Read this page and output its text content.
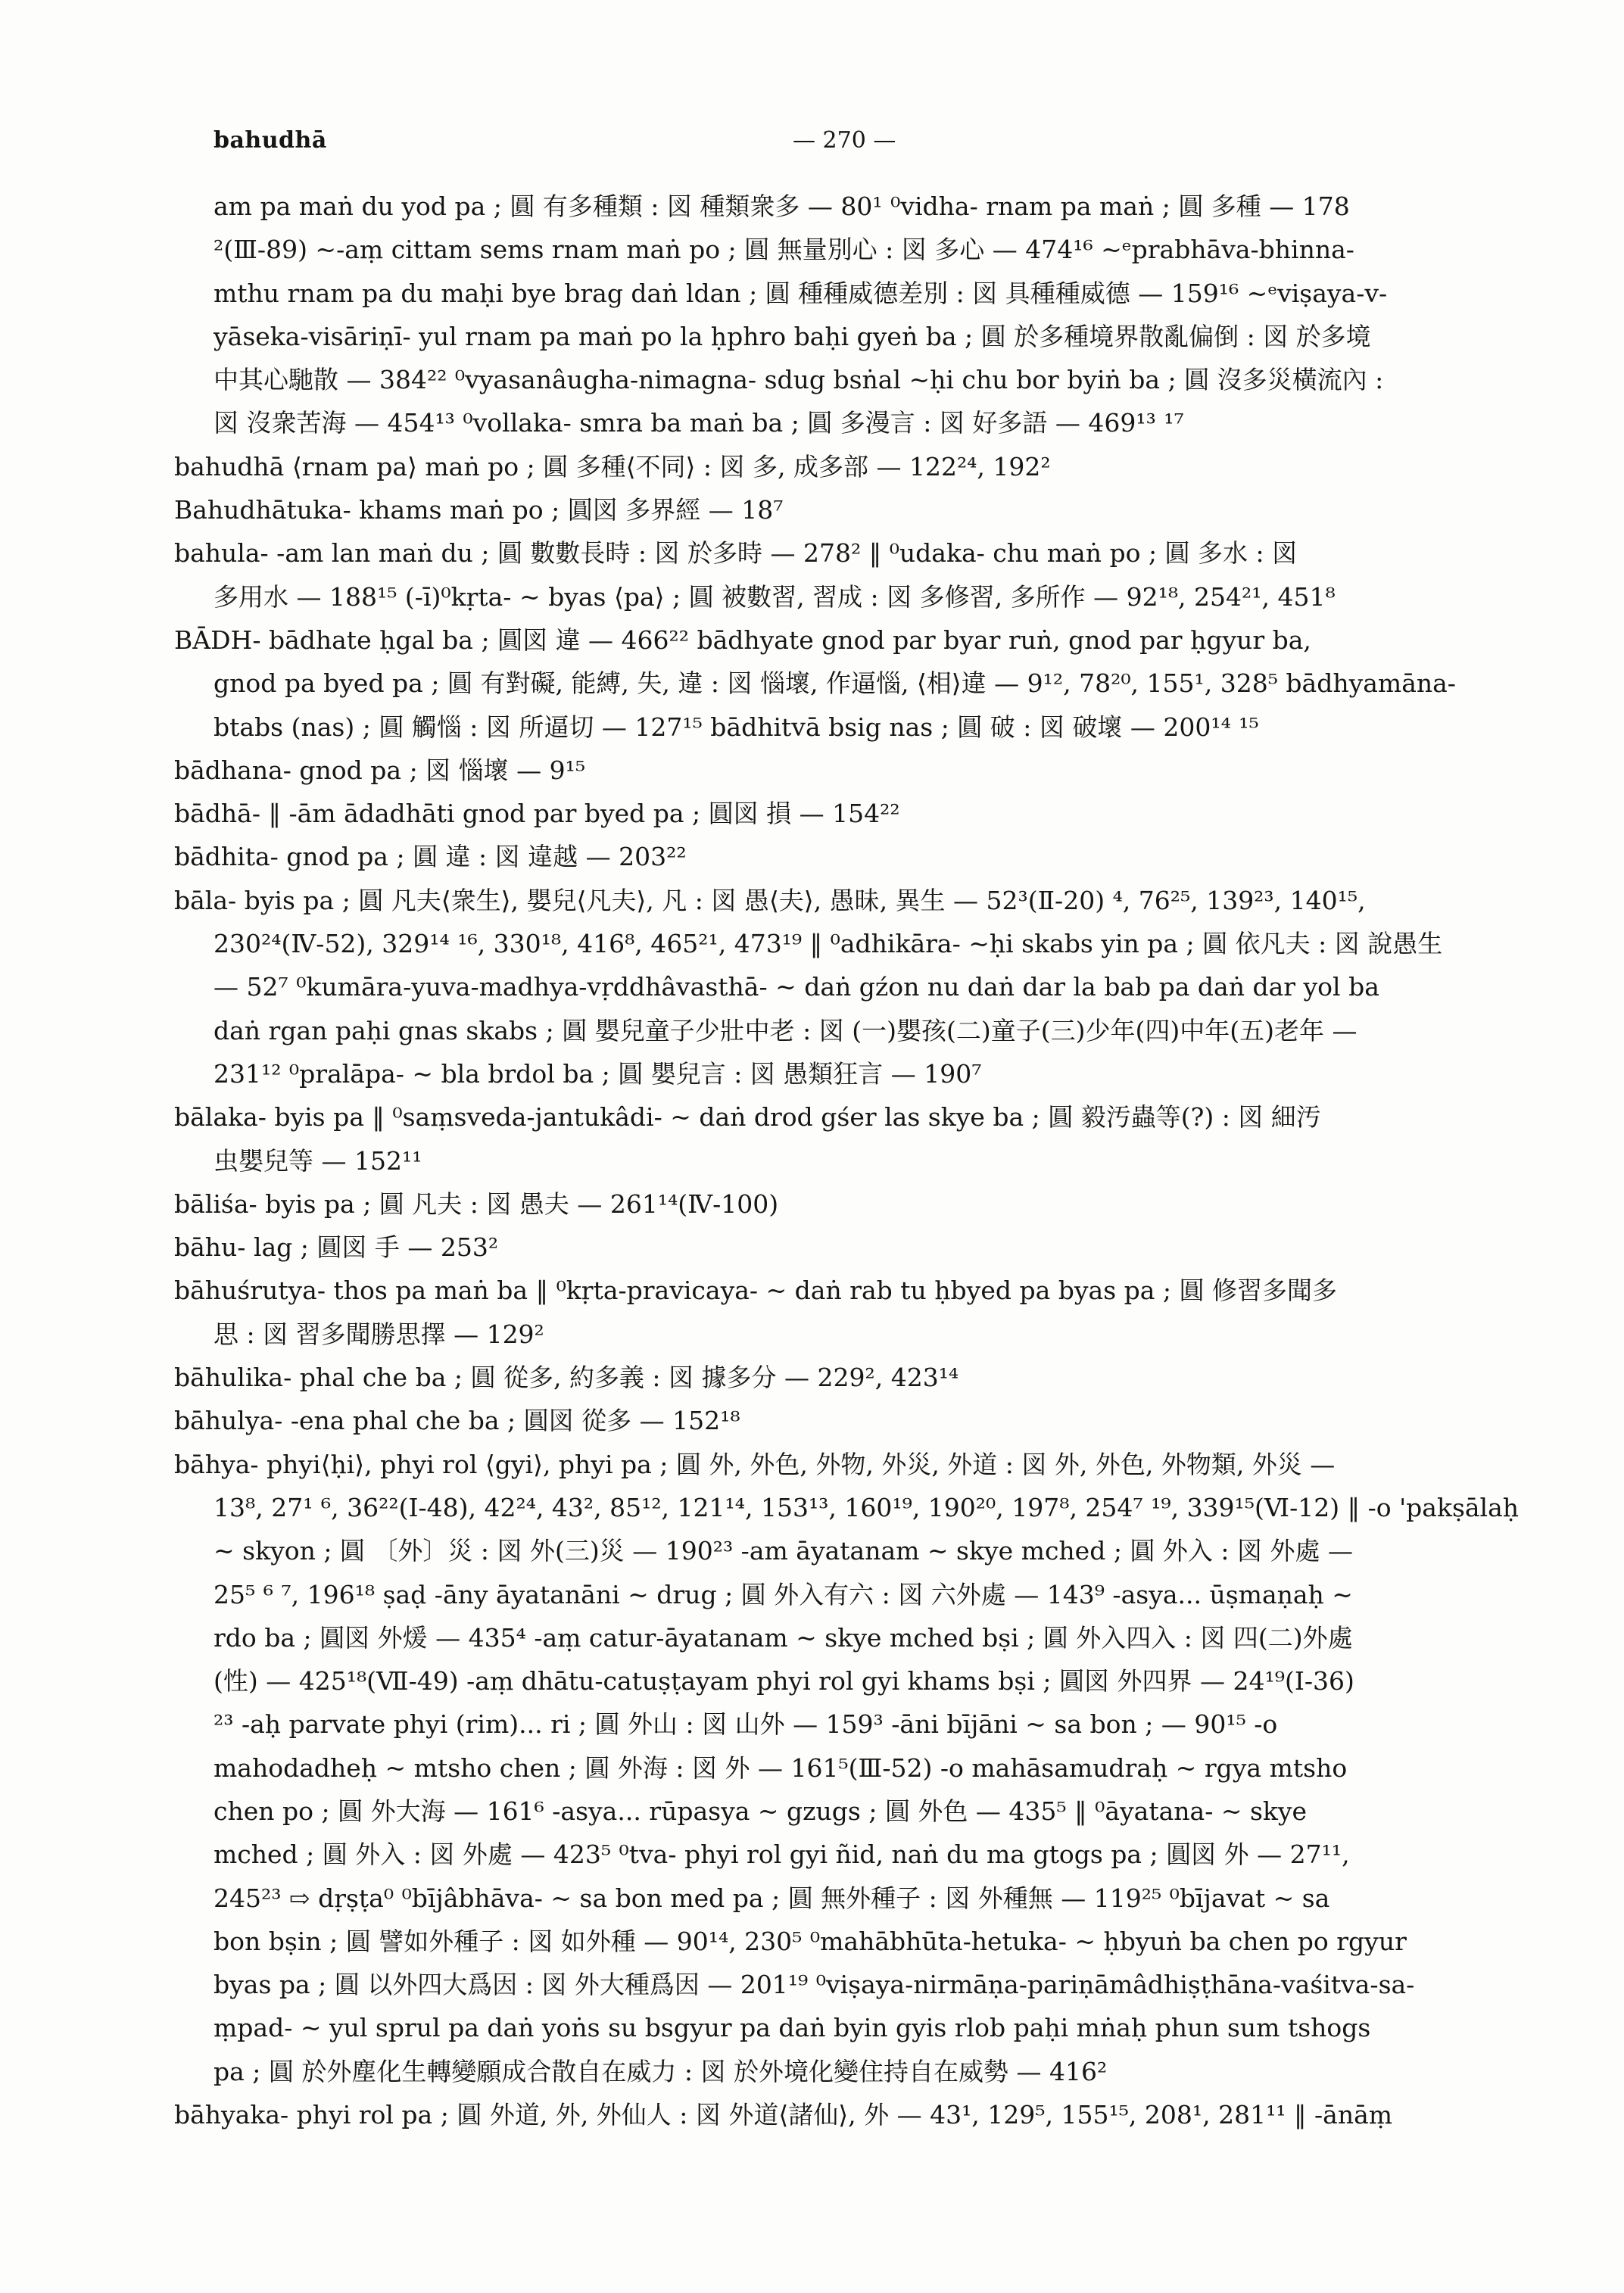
bahudhā	— 270 —
am pa maṅ du yod pa ; 圓 有多種類 : 図 種類衆多 — 80¹ ⁰vidha- rnam pa maṅ ; 圓 多種 — 178
²(Ⅲ-89) ~-aṃ cittam sems rnam maṅ po ; 圓 無量別心 : 図 多心 — 474¹⁶ ~ᵉprabhāva-bhinna-
mthu rnam pa du maḥi bye brag daṅ ldan ; 圓 種種威德差別 : 図 具種種威德 — 159¹⁶ ~ᵉviṣaya-v-
yāseka-visāriṇī- yul rnam pa maṅ po la ḥphro baḥi gyeṅ ba ; 圓 於多種境界散亂偏倒 : 図 於多境
中其心馳散 — 384²² ⁰vyasanâugha-nimagna- sdug bsṅal ~ḥi chu bor byiṅ ba ; 圓 沒多災橫流內 :
図 沒衆苦海 — 454¹³ ⁰vollaka- smra ba maṅ ba ; 圓 多漫言 : 図 好多語 — 469¹³ ¹⁷
bahudhā ⟨rnam pa⟩ maṅ po ; 圓 多種⟨不同⟩ : 図 多, 成多部 — 122²⁴, 192²
Bahudhātuka- khams maṅ po ; 圓図 多界經 — 18⁷
bahula- -am lan maṅ du ; 圓 數數長時 : 図 於多時 — 278² ‖ ⁰udaka- chu maṅ po ; 圓 多水 : 図
多用水 — 188¹⁵ (-ī)⁰kṛta- ~ byas ⟨pa⟩ ; 圓 被數習, 習成 : 図 多修習, 多所作 — 92¹⁸, 254²¹, 451⁸
BĀDH- bādhate ḥgal ba ; 圓図 違 — 466²² bādhyate gnod par byar ruṅ, gnod par ḥgyur ba,
gnod pa byed pa ; 圓 有對礙, 能縛, 失, 違 : 図 惱壞, 作逼惱, ⟨相⟩違 — 9¹², 78²⁰, 155¹, 328⁵ bādhyamāna-
btabs (nas) ; 圓 觸惱 : 図 所逼切 — 127¹⁵ bādhitvā bsig nas ; 圓 破 : 図 破壞 — 200¹⁴ ¹⁵
bādhana- gnod pa ; 図 惱壞 — 9¹⁵
bādhā- ‖ -ām ādadhāti gnod par byed pa ; 圓図 損 — 154²²
bādhita- gnod pa ; 圓 違 : 図 違越 — 203²²
bāla- byis pa ; 圓 凡夫⟨衆生⟩, 嬰兒⟨凡夫⟩, 凡 : 図 愚⟨夫⟩, 愚昧, 異生 — 52³(Ⅱ-20) ⁴, 76²⁵, 139²³, 140¹⁵,
230²⁴(Ⅳ-52), 329¹⁴ ¹⁶, 330¹⁸, 416⁸, 465²¹, 473¹⁹ ‖ ⁰adhikāra- ~ḥi skabs yin pa ; 圓 依凡夫 : 図 說愚生
— 52⁷ ⁰kumāra-yuva-madhya-vṛddhâvasthā- ~ daṅ gźon nu daṅ dar la bab pa daṅ dar yol ba
daṅ rgan paḥi gnas skabs ; 圓 嬰兒童子少壯中老 : 図 (一)嬰孩(二)童子(三)少年(四)中年(五)老年 —
231¹² ⁰pralāpa- ~ bla brdol ba ; 圓 嬰兒言 : 図 愚類狂言 — 190⁷
bālaka- byis pa ‖ ⁰saṃsveda-jantukâdi- ~ daṅ drod gśer las skye ba ; 圓 毅汚蟲等(?) : 図 細汚
虫嬰兒等 — 152¹¹
bāliśa- byis pa ; 圓 凡夫 : 図 愚夫 — 261¹⁴(Ⅳ-100)
bāhu- lag ; 圓図 手 — 253²
bāhuśrutya- thos pa maṅ ba ‖ ⁰kṛta-pravicaya- ~ daṅ rab tu ḥbyed pa byas pa ; 圓 修習多聞多
思 : 図 習多聞勝思擇 — 129²
bāhulika- phal che ba ; 圓 從多, 約多義 : 図 據多分 — 229², 423¹⁴
bāhulya- -ena phal che ba ; 圓図 從多 — 152¹⁸
bāhya- phyi⟨ḥi⟩, phyi rol ⟨gyi⟩, phyi pa ; 圓 外, 外色, 外物, 外災, 外道 : 図 外, 外色, 外物類, 外災 —
13⁸, 27¹ ⁶, 36²²(Ⅰ-48), 42²⁴, 43², 85¹², 121¹⁴, 153¹³, 160¹⁹, 190²⁰, 197⁸, 254⁷ ¹⁹, 339¹⁵(Ⅵ-12) ‖ -o 'pakṣālaḥ
~ skyon ; 圓 〔外〕災 : 図 外(三)災 — 190²³ -am āyatanam ~ skye mched ; 圓 外入 : 図 外處 —
25⁵ ⁶ ⁷, 196¹⁸ ṣaḍ -āny āyatanāni ~ drug ; 圓 外入有六 : 図 六外處 — 143⁹ -asya... ūṣmaṇaḥ ~
rdo ba ; 圓図 外煖 — 435⁴ -aṃ catur-āyatanam ~ skye mched bṣi ; 圓 外入四入 : 図 四(二)外處
(性) — 425¹⁸(Ⅶ-49) -aṃ dhātu-catuṣṭayam phyi rol gyi khams bṣi ; 圓図 外四界 — 24¹⁹(Ⅰ-36)
²³ -aḥ parvate phyi (rim)... ri ; 圓 外山 : 図 山外 — 159³ -āni bījāni ~ sa bon ; — 90¹⁵ -o
mahodadheḥ ~ mtsho chen ; 圓 外海 : 図 外 — 161⁵(Ⅲ-52) -o mahāsamudraḥ ~ rgya mtsho
chen po ; 圓 外大海 — 161⁶ -asya... rūpasya ~ gzugs ; 圓 外色 — 435⁵ ‖ ⁰āyatana- ~ skye
mched ; 圓 外入 : 図 外處 — 423⁵ ⁰tva- phyi rol gyi ñid, naṅ du ma gtogs pa ; 圓図 外 — 27¹¹,
245²³ ⇨ dṛṣṭa⁰ ⁰bījâbhāva- ~ sa bon med pa ; 圓 無外種子 : 図 外種無 — 119²⁵ ⁰bījavat ~ sa
bon bṣin ; 圓 譬如外種子 : 図 如外種 — 90¹⁴, 230⁵ ⁰mahābhūta-hetuka- ~ ḥbyuṅ ba chen po rgyur
byas pa ; 圓 以外四大爲因 : 図 外大種爲因 — 201¹⁹ ⁰viṣaya-nirmāṇa-pariṇāmâdhiṣṭhāna-vaśitva-sa-
ṃpad- ~ yul sprul pa daṅ yoṅs su bsgyur pa daṅ byin gyis rlob paḥi mṅaḥ phun sum tshogs
pa ; 圓 於外塵化生轉變願成合散自在威力 : 図 於外境化變住持自在威勢 — 416²
bāhyaka- phyi rol pa ; 圓 外道, 外, 外仙人 : 図 外道⟨諸仙⟩, 外 — 43¹, 129⁵, 155¹⁵, 208¹, 281¹¹ ‖ -ānāṃ
